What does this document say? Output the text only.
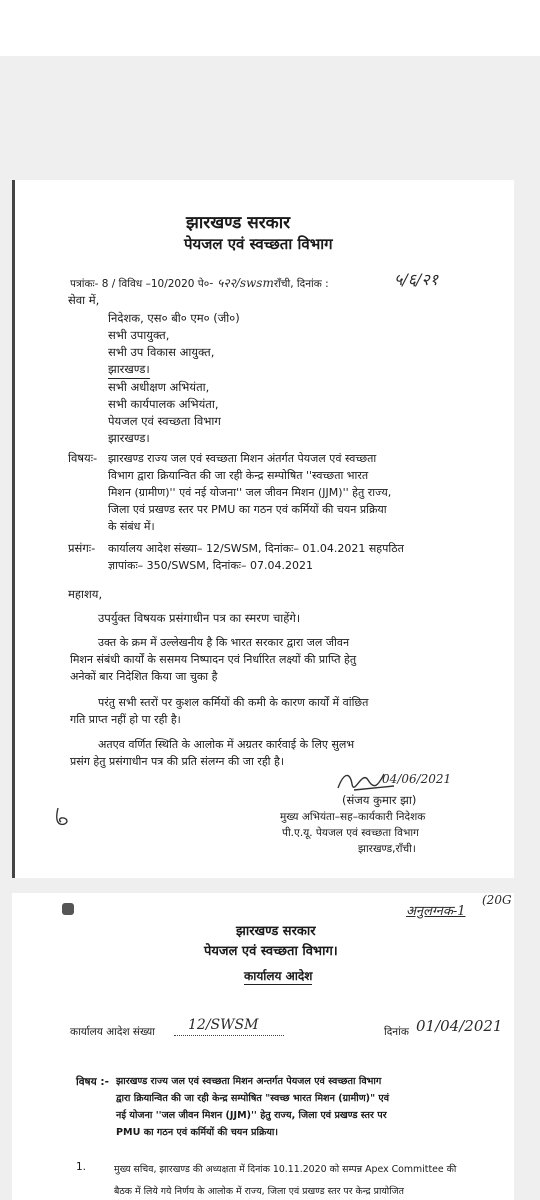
झारखण्ड सरकार
पेयजल एवं स्वच्छता विभाग
पत्रांकः- 8 / विविध –10/2020 पे०- ५२२/swsmराँची, दिनांक :	५/६/२१
सेवा में,
निदेशक, एस० बी० एम० (जी०)
सभी उपायुक्त,
सभी उप विकास आयुक्त,
झारखण्ड।
सभी अधीक्षण अभियंता,
सभी कार्यपालक अभियंता,
पेयजल एवं स्वच्छता विभाग
झारखण्ड।
विषयः- झारखण्ड राज्य जल एवं स्वच्छता मिशन अंतर्गत पेयजल एवं स्वच्छता
विभाग द्वारा क्रियान्वित की जा रही केन्द्र सम्पोषित ''स्वच्छता भारत
मिशन (ग्रामीण)'' एवं नई योजना'' जल जीवन मिशन (JJM)'' हेतु राज्य,
जिला एवं प्रखण्ड स्तर पर PMU का गठन एवं कर्मियों की चयन प्रक्रिया
के संबंध में।
प्रसंगः- कार्यालय आदेश संख्या– 12/SWSM, दिनांकः– 01.04.2021 सहपठित
ज्ञापांकः– 350/SWSM, दिनांकः– 07.04.2021
महाशय,
उपर्युक्त विषयक प्रसंगाधीन पत्र का स्मरण चाहेंगे।
उक्त के क्रम में उल्लेखनीय है कि भारत सरकार द्वारा जल जीवन
मिशन संबंधी कार्यों के ससमय निष्पादन एवं निर्धारित लक्ष्यों की प्राप्ति हेतु
अनेकों बार निदेशित किया जा चुका है
परंतु सभी स्तरों पर कुशल कर्मियों की कमी के कारण कार्यों में वांछित
गति प्राप्त नहीं हो पा रही है।
अतएव वर्णित स्थिति के आलोक में अग्रतर कार्रवाई के लिए सुलभ
प्रसंग हेतु प्रसंगाधीन पत्र की प्रति संलग्न की जा रही है।
04/06/2021
(संजय कुमार झा)
मुख्य अभियंता–सह–कार्यकारी निदेशक
पी.ए.यू. पेयजल एवं स्वच्छता विभाग
झारखण्ड,राँची।
अनुलग्नक-1
(20G
झारखण्ड सरकार
पेयजल एवं स्वच्छता विभाग।
कार्यालय आदेश
कार्यालय आदेश संख्या 12/SWSM	दिनांक 01/04/2021
विषय :- झारखण्ड राज्य जल एवं स्वच्छता मिशन अन्तर्गत पेयजल एवं स्वच्छता विभाग
द्वारा क्रियान्वित की जा रही केन्द्र सम्पोषित "स्वच्छ भारत मिशन (ग्रामीण)" एवं
नई योजना ''जल जीवन मिशन (JJM)'' हेतु राज्य, जिला एवं प्रखण्ड स्तर पर
PMU का गठन एवं कर्मियों की चयन प्रक्रिया।
1.	मुख्य सचिव, झारखण्ड की अध्यक्षता में दिनांक 10.11.2020 को सम्पन्न Apex Committee की
बैठक में लिये गये निर्णय के आलोक में राज्य, जिला एवं प्रखण्ड स्तर पर केन्द्र प्रायोजित
